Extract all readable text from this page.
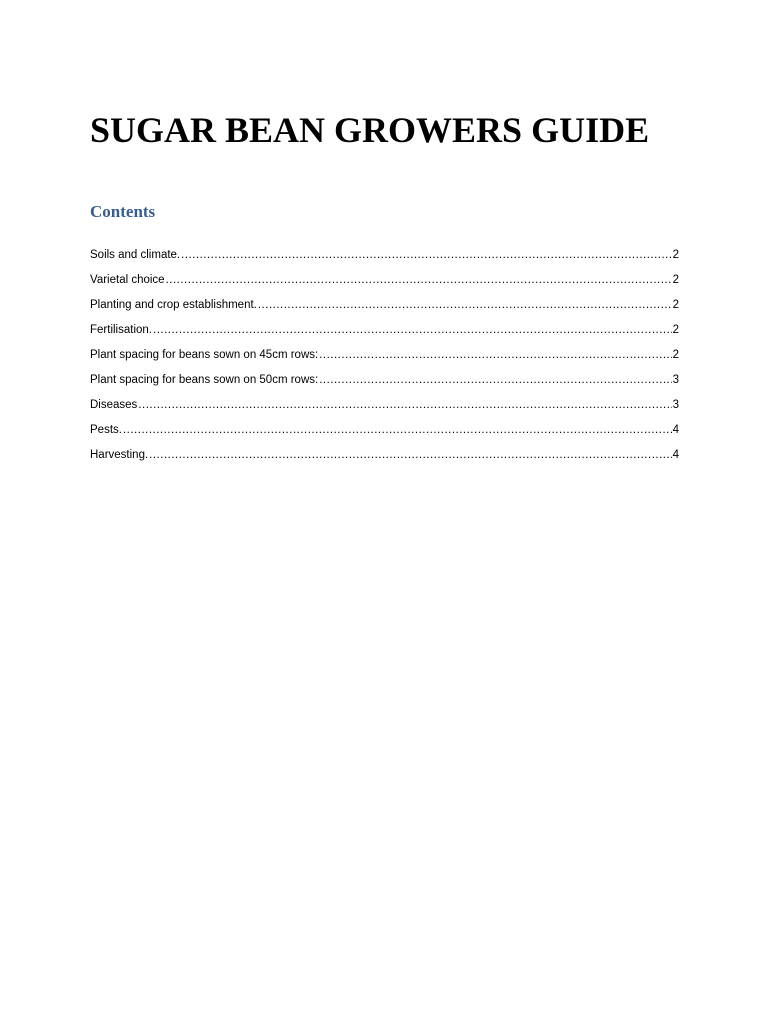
SUGAR BEAN GROWERS GUIDE
Contents
Soils and climate. .....	2
Varietal choice .....	2
Planting and crop establishment. .....	2
Fertilisation. .....	2
Plant spacing for beans sown on 45cm rows: .....	2
Plant spacing for beans sown on 50cm rows: .....	3
Diseases .....	3
Pests. .....	4
Harvesting. .....	4
